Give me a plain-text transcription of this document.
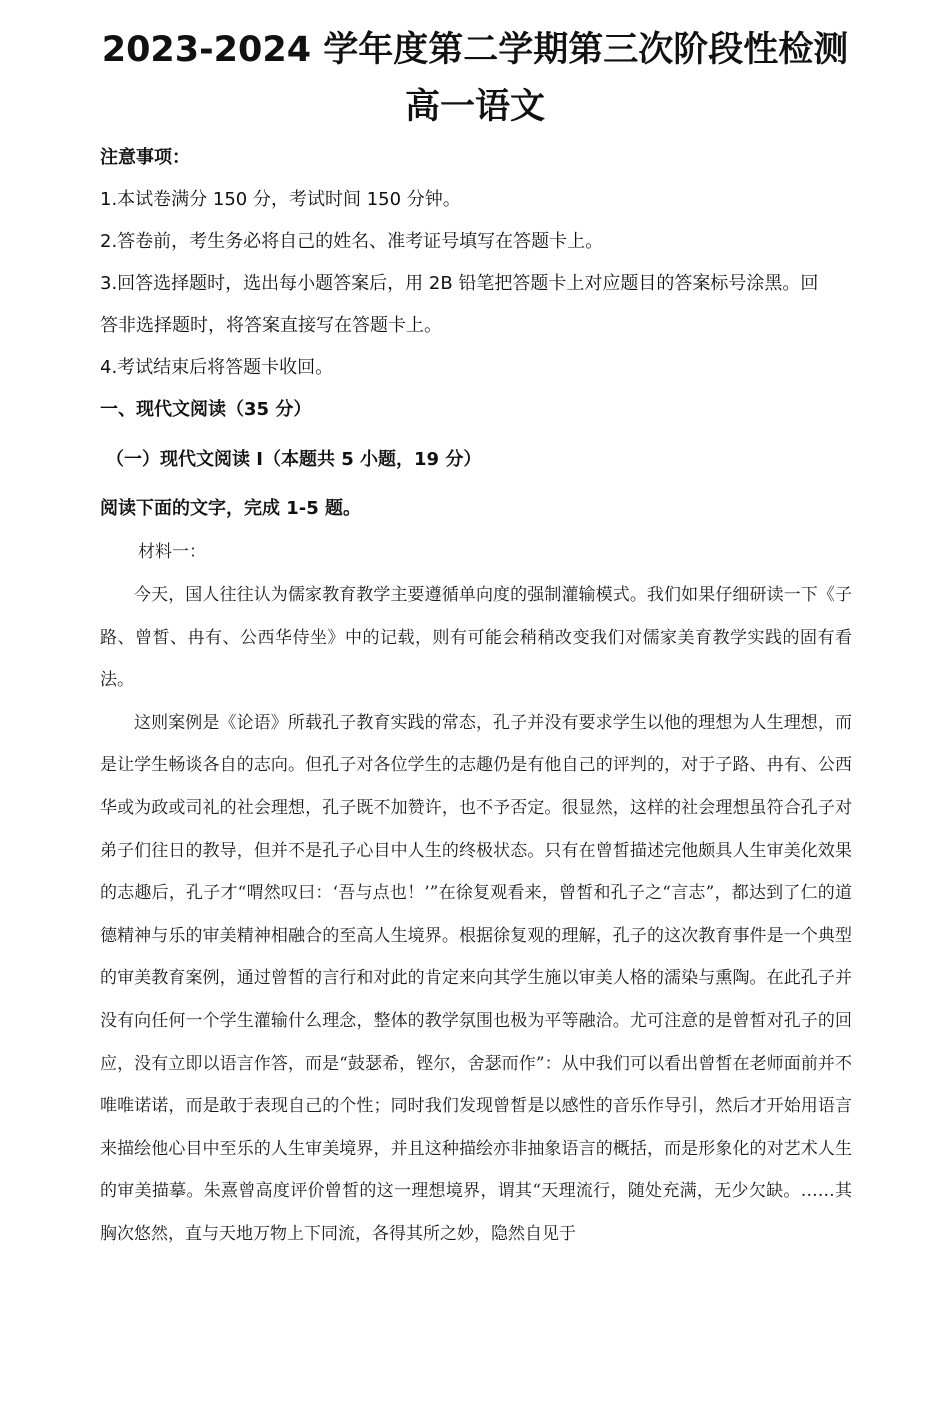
2023-2024 学年度第二学期第三次阶段性检测
高一语文
注意事项：
1.本试卷满分 150 分，考试时间 150 分钟。
2.答卷前，考生务必将自己的姓名、准考证号填写在答题卡上。
3.回答选择题时，选出每小题答案后，用 2B 铅笔把答题卡上对应题目的答案标号涂黑。回
答非选择题时，将答案直接写在答题卡上。
4.考试结束后将答题卡收回。
一、现代文阅读（35 分）
（一）现代文阅读 I（本题共 5 小题，19 分）
阅读下面的文字，完成 1-5 题。
材料一：

今天，国人往往认为儒家教育教学主要遵循单向度的强制灌输模式。我们如果仔细研读一下《子路、曾皙、冉有、公西华侍坐》中的记载，则有可能会稍稍改变我们对儒家美育教学实践的固有看法。

这则案例是《论语》所载孔子教育实践的常态，孔子并没有要求学生以他的理想为人生理想，而是让学生畅谈各自的志向。但孔子对各位学生的志趣仍是有他自己的评判的，对于子路、冉有、公西华或为政或司礼的社会理想，孔子既不加赞许，也不予否定。很显然，这样的社会理想虽符合孔子对弟子们往日的教导，但并不是孔子心目中人生的终极状态。只有在曾皙描述完他颇具人生审美化效果的志趣后，孔子才“喟然叹曰：‘吾与点也！’”在徐复观看来，曾皙和孔子之“言志”，都达到了仁的道德精神与乐的审美精神相融合的至高人生境界。根据徐复观的理解，孔子的这次教育事件是一个典型的审美教育案例，通过曾皙的言行和对此的肯定来向其学生施以审美人格的濡染与熏陶。在此孔子并没有向任何一个学生灌输什么理念，整体的教学氛围也极为平等融洽。尤可注意的是曾皙对孔子的回应，没有立即以语言作答，而是“鼓瑟希，铿尔，舍瑟而作”：从中我们可以看出曾皙在老师面前并不唯唯诺诺，而是敢于表现自己的个性；同时我们发现曾皙是以感性的音乐作导引，然后才开始用语言来描绘他心目中至乐的人生审美境界，并且这种描绘亦非抽象语言的概括，而是形象化的对艺术人生的审美描摹。朱熹曾高度评价曾皙的这一理想境界，谓其“天理流行，随处充满，无少欠缺。……其胸次悠然，直与天地万物上下同流，各得其所之妙，隐然自见于
